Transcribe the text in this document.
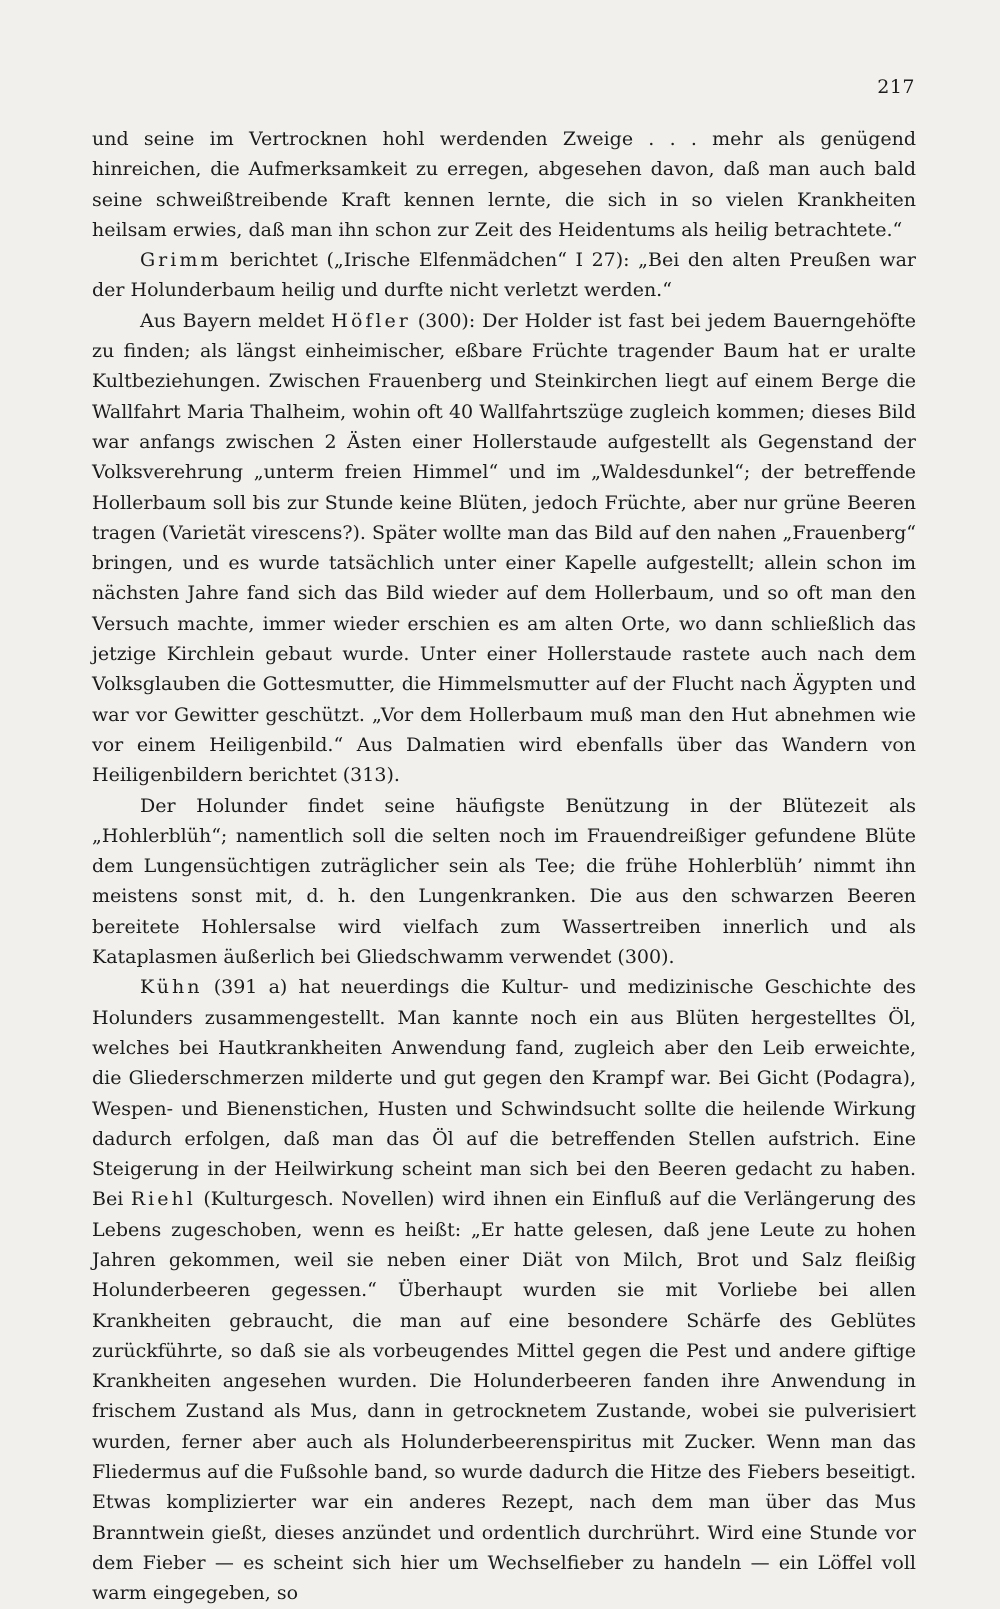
217

und seine im Vertrocknen hohl werdenden Zweige . . . mehr als genügend hinreichen, die Aufmerksamkeit zu erregen, abgesehen davon, daß man auch bald seine schweißtreibende Kraft kennen lernte, die sich in so vielen Krankheiten heilsam erwies, daß man ihn schon zur Zeit des Heidentums als heilig betrachtete.“

Grimm berichtet („Irische Elfenmädchen“ I 27): „Bei den alten Preußen war der Holunderbaum heilig und durfte nicht verletzt werden.“

Aus Bayern meldet Höfler (300): Der Holder ist fast bei jedem Bauerngehöfte zu finden; als längst einheimischer, eßbare Früchte tragender Baum hat er uralte Kultbeziehungen. Zwischen Frauenberg und Steinkirchen liegt auf einem Berge die Wallfahrt Maria Thalheim, wohin oft 40 Wallfahrtszüge zugleich kommen; dieses Bild war anfangs zwischen 2 Ästen einer Hollerstaude aufgestellt als Gegenstand der Volksverehrung „unterm freien Himmel“ und im „Waldesdunkel“; der betreffende Hollerbaum soll bis zur Stunde keine Blüten, jedoch Früchte, aber nur grüne Beeren tragen (Varietät virescens?). Später wollte man das Bild auf den nahen „Frauenberg“ bringen, und es wurde tatsächlich unter einer Kapelle aufgestellt; allein schon im nächsten Jahre fand sich das Bild wieder auf dem Hollerbaum, und so oft man den Versuch machte, immer wieder erschien es am alten Orte, wo dann schließlich das jetzige Kirchlein gebaut wurde. Unter einer Hollerstaude rastete auch nach dem Volksglauben die Gottesmutter, die Himmelsmutter auf der Flucht nach Ägypten und war vor Gewitter geschützt. „Vor dem Hollerbaum muß man den Hut abnehmen wie vor einem Heiligenbild.“ Aus Dalmatien wird ebenfalls über das Wandern von Heiligenbildern berichtet (313).

Der Holunder findet seine häufigste Benützung in der Blütezeit als „Hohlerblüh“; namentlich soll die selten noch im Frauendreißiger gefundene Blüte dem Lungensüchtigen zuträglicher sein als Tee; die frühe Hohlerblüh’ nimmt ihn meistens sonst mit, d. h. den Lungenkranken. Die aus den schwarzen Beeren bereitete Hohlersalse wird vielfach zum Wassertreiben innerlich und als Kataplasmen äußerlich bei Gliedschwamm verwendet (300).

Kühn (391 a) hat neuerdings die Kultur- und medizinische Geschichte des Holunders zusammengestellt. Man kannte noch ein aus Blüten hergestelltes Öl, welches bei Hautkrankheiten Anwendung fand, zugleich aber den Leib erweichte, die Gliederschmerzen milderte und gut gegen den Krampf war. Bei Gicht (Podagra), Wespen- und Bienenstichen, Husten und Schwindsucht sollte die heilende Wirkung dadurch erfolgen, daß man das Öl auf die betreffenden Stellen aufstrich. Eine Steigerung in der Heilwirkung scheint man sich bei den Beeren gedacht zu haben. Bei Riehl (Kulturgesch. Novellen) wird ihnen ein Einfluß auf die Verlängerung des Lebens zugeschoben, wenn es heißt: „Er hatte gelesen, daß jene Leute zu hohen Jahren gekommen, weil sie neben einer Diät von Milch, Brot und Salz fleißig Holunderbeeren gegessen.“ Überhaupt wurden sie mit Vorliebe bei allen Krankheiten gebraucht, die man auf eine besondere Schärfe des Geblütes zurückführte, so daß sie als vorbeugendes Mittel gegen die Pest und andere giftige Krankheiten angesehen wurden. Die Holunderbeeren fanden ihre Anwendung in frischem Zustand als Mus, dann in getrocknetem Zustande, wobei sie pulverisiert wurden, ferner aber auch als Holunderbeerenspiritus mit Zucker. Wenn man das Fliedermus auf die Fußsohle band, so wurde dadurch die Hitze des Fiebers beseitigt. Etwas komplizierter war ein anderes Rezept, nach dem man über das Mus Branntwein gießt, dieses anzündet und ordentlich durchrührt. Wird eine Stunde vor dem Fieber — es scheint sich hier um Wechselfieber zu handeln — ein Löffel voll warm eingegeben, so
